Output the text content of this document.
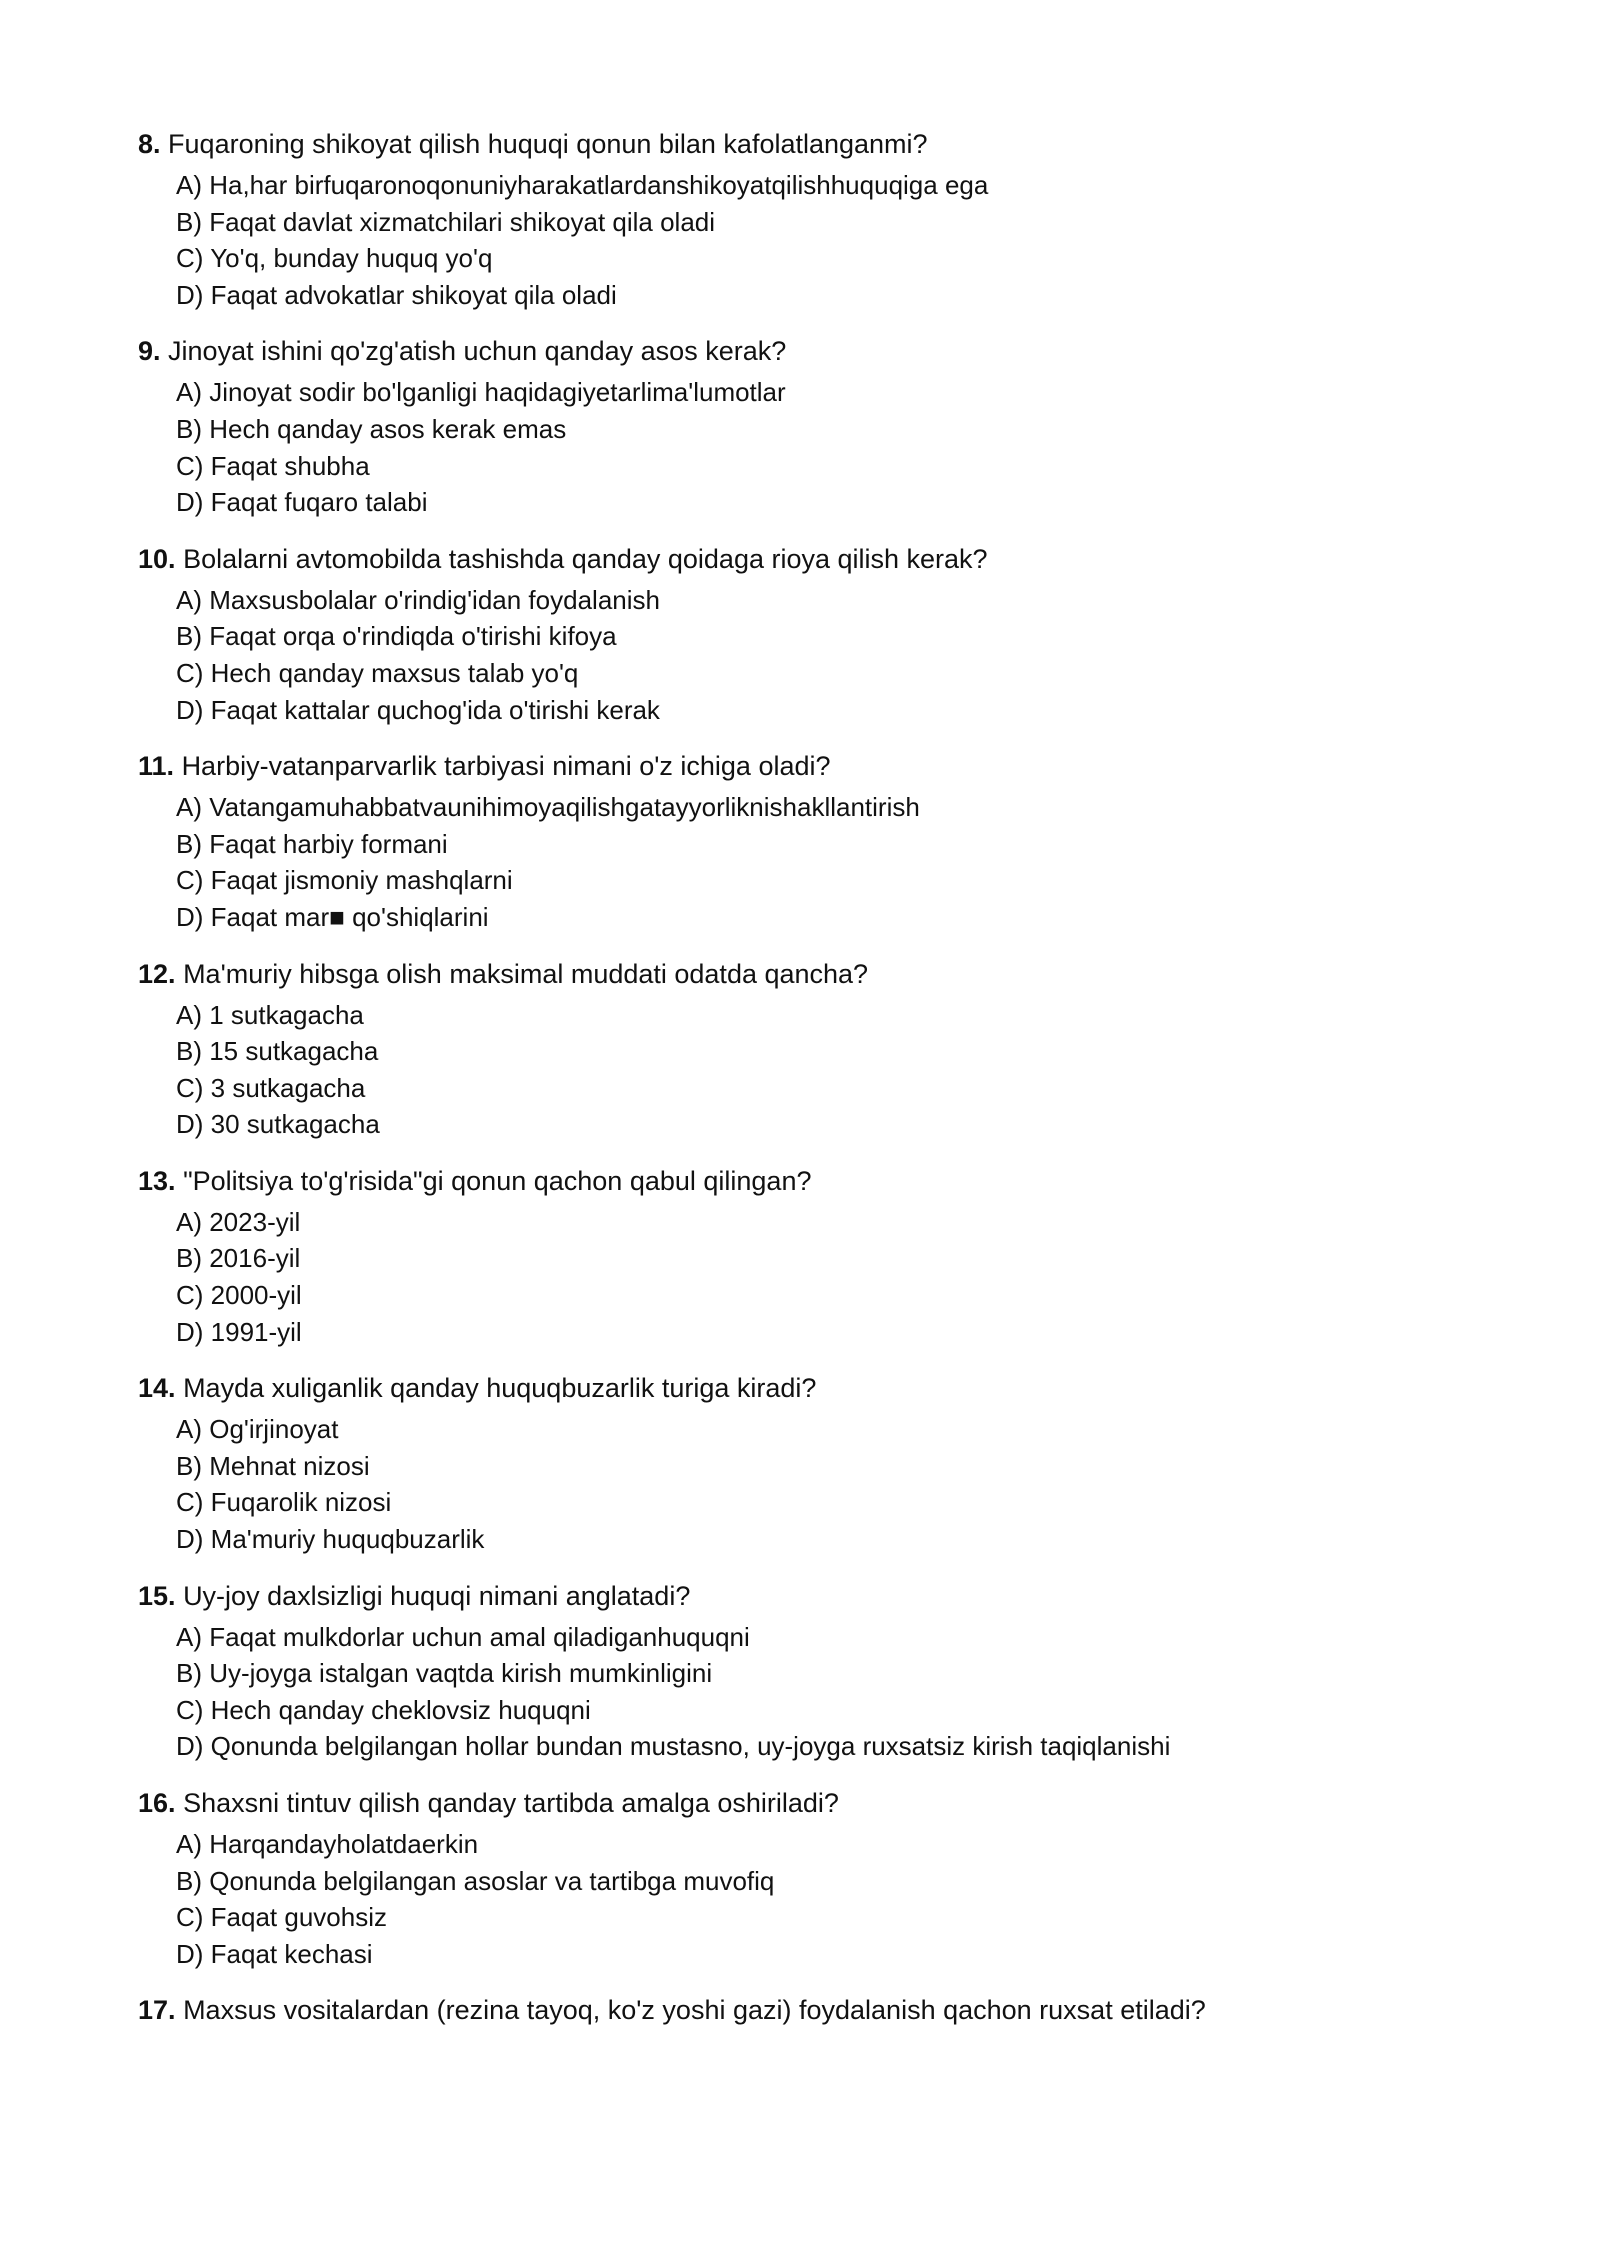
8. Fuqaroning shikoyat qilish huquqi qonun bilan kafolatlanganmi?
A) Ha,har birfuqaronoqonuniyharakatlardanshikoyatqilishhuquqiga ega
B) Faqat davlat xizmatchilari shikoyat qila oladi
C) Yo'q, bunday huquq yo'q
D) Faqat advokatlar shikoyat qila oladi
9. Jinoyat ishini qo'zg'atish uchun qanday asos kerak?
A) Jinoyat sodir bo'lganligi haqidagiyetarlima'lumotlar
B) Hech qanday asos kerak emas
C) Faqat shubha
D) Faqat fuqaro talabi
10. Bolalarni avtomobilda tashishda qanday qoidaga rioya qilish kerak?
A) Maxsusbolalar o'rindig'idan foydalanish
B) Faqat orqa o'rindiqda o'tirishi kifoya
C) Hech qanday maxsus talab yo'q
D) Faqat kattalar quchog'ida o'tirishi kerak
11. Harbiy-vatanparvarlik tarbiyasi nimani o'z ichiga oladi?
A) Vatangamuhabbatvaunihimoyaqilishgatayyorliknishakllantirish
B) Faqat harbiy formani
C) Faqat jismoniy mashqlarni
D) Faqat mar■ qo'shiqlarini
12. Ma'muriy hibsga olish maksimal muddati odatda qancha?
A) 1 sutkagacha
B) 15 sutkagacha
C) 3 sutkagacha
D) 30 sutkagacha
13. "Politsiya to'g'risida"gi qonun qachon qabul qilingan?
A) 2023-yil
B) 2016-yil
C) 2000-yil
D) 1991-yil
14. Mayda xuliganlik qanday huquqbuzarlik turiga kiradi?
A) Og'irjinoyat
B) Mehnat nizosi
C) Fuqarolik nizosi
D) Ma'muriy huquqbuzarlik
15. Uy-joy daxlsizligi huquqi nimani anglatadi?
A) Faqat mulkdorlar uchun amal qiladiganhuquqni
B) Uy-joyga istalgan vaqtda kirish mumkinligini
C) Hech qanday cheklovsiz huquqni
D) Qonunda belgilangan hollar bundan mustasno, uy-joyga ruxsatsiz kirish taqiqlanishi
16. Shaxsni tintuv qilish qanday tartibda amalga oshiriladi?
A) Harqandayholatdaerkin
B) Qonunda belgilangan asoslar va tartibga muvofiq
C) Faqat guvohsiz
D) Faqat kechasi
17. Maxsus vositalardan (rezina tayoq, ko'z yoshi gazi) foydalanish qachon ruxsat etiladi?
